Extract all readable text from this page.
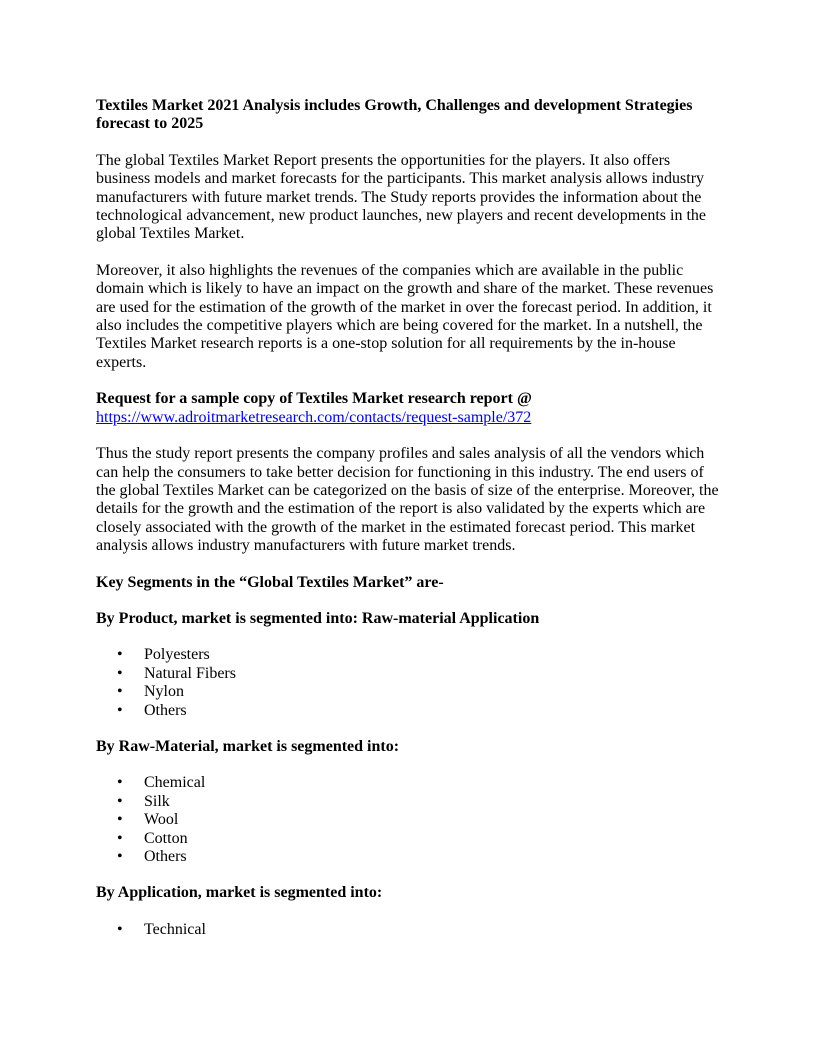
Textiles Market 2021 Analysis includes Growth, Challenges and development Strategies forecast to 2025

The global Textiles Market Report presents the opportunities for the players. It also offers business models and market forecasts for the participants. This market analysis allows industry manufacturers with future market trends. The Study reports provides the information about the technological advancement, new product launches, new players and recent developments in the global Textiles Market.

Moreover, it also highlights the revenues of the companies which are available in the public domain which is likely to have an impact on the growth and share of the market. These revenues are used for the estimation of the growth of the market in over the forecast period. In addition, it also includes the competitive players which are being covered for the market. In a nutshell, the Textiles Market research reports is a one-stop solution for all requirements by the in-house experts.

Request for a sample copy of Textiles Market research report @
https://www.adroitmarketresearch.com/contacts/request-sample/372

Thus the study report presents the company profiles and sales analysis of all the vendors which can help the consumers to take better decision for functioning in this industry. The end users of the global Textiles Market can be categorized on the basis of size of the enterprise. Moreover, the details for the growth and the estimation of the report is also validated by the experts which are closely associated with the growth of the market in the estimated forecast period. This market analysis allows industry manufacturers with future market trends.

Key Segments in the “Global Textiles Market” are-
By Product, market is segmented into: Raw-material Application
• Polyesters
• Natural Fibers
• Nylon
• Others
By Raw-Material, market is segmented into:
• Chemical
• Silk
• Wool
• Cotton
• Others
By Application, market is segmented into:
• Technical
